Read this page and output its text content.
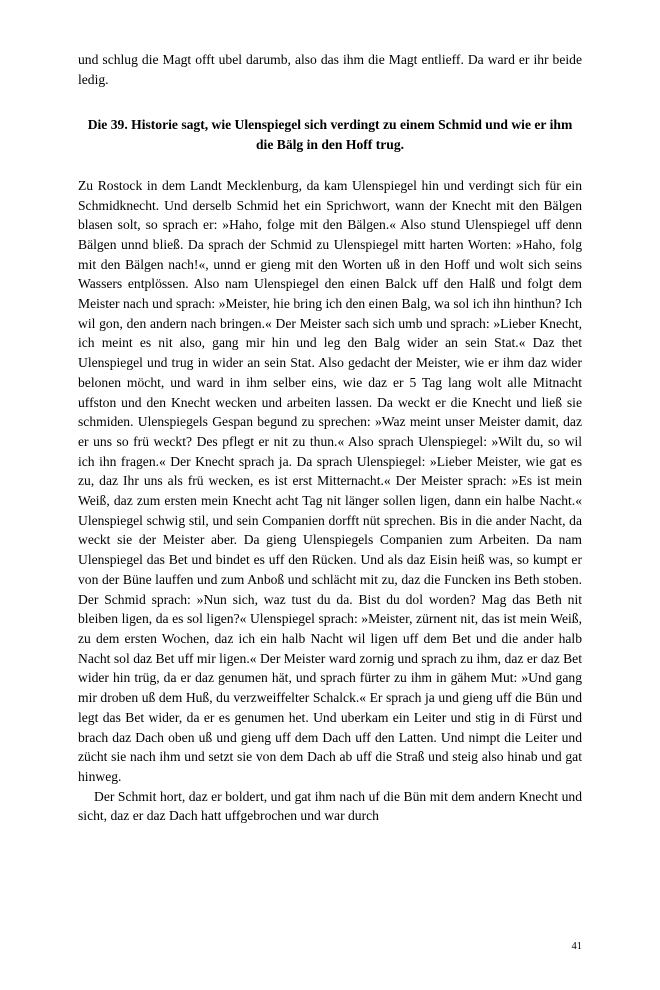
und schlug die Magt offt ubel darumb, also das ihm die Magt entlieff. Da ward er ihr beide ledig.

Die 39. Historie sagt, wie Ulenspiegel sich verdingt zu einem Schmid und wie er ihm die Bälg in den Hoff trug.

Zu Rostock in dem Landt Mecklenburg, da kam Ulenspiegel hin und verdingt sich für ein Schmidknecht. Und derselb Schmid het ein Sprichwort, wann der Knecht mit den Bälgen blasen solt, so sprach er: »Haho, folge mit den Bälgen.« Also stund Ulenspiegel uff denn Bälgen unnd bließ. Da sprach der Schmid zu Ulenspiegel mitt harten Worten: »Haho, folg mit den Bälgen nach!«, unnd er gieng mit den Worten uß in den Hoff und wolt sich seins Wassers entplössen. Also nam Ulenspiegel den einen Balck uff den Halß und folgt dem Meister nach und sprach: »Meister, hie bring ich den einen Balg, wa sol ich ihn hinthun? Ich wil gon, den andern nach bringen.« Der Meister sach sich umb und sprach: »Lieber Knecht, ich meint es nit also, gang mir hin und leg den Balg wider an sein Stat.« Daz thet Ulenspiegel und trug in wider an sein Stat. Also gedacht der Meister, wie er ihm daz wider belonen möcht, und ward in ihm selber eins, wie daz er 5 Tag lang wolt alle Mitnacht uffston und den Knecht wecken und arbeiten lassen. Da weckt er die Knecht und ließ sie schmiden. Ulenspiegels Gespan begund zu sprechen: »Waz meint unser Meister damit, daz er uns so frü weckt? Des pflegt er nit zu thun.« Also sprach Ulenspiegel: »Wilt du, so wil ich ihn fragen.« Der Knecht sprach ja. Da sprach Ulenspiegel: »Lieber Meister, wie gat es zu, daz Ihr uns als frü wecken, es ist erst Mitternacht.« Der Meister sprach: »Es ist mein Weiß, daz zum ersten mein Knecht acht Tag nit länger sollen ligen, dann ein halbe Nacht.« Ulenspiegel schwig stil, und sein Companien dorfft nüt sprechen. Bis in die ander Nacht, da weckt sie der Meister aber. Da gieng Ulenspiegels Companien zum Arbeiten. Da nam Ulenspiegel das Bet und bindet es uff den Rücken. Und als daz Eisin heiß was, so kumpt er von der Büne lauffen und zum Anboß und schlächt mit zu, daz die Funcken ins Beth stoben. Der Schmid sprach: »Nun sich, waz tust du da. Bist du dol worden? Mag das Beth nit bleiben ligen, da es sol ligen?« Ulenspiegel sprach: »Meister, zürnent nit, das ist mein Weiß, zu dem ersten Wochen, daz ich ein halb Nacht wil ligen uff dem Bet und die ander halb Nacht sol daz Bet uff mir ligen.« Der Meister ward zornig und sprach zu ihm, daz er daz Bet wider hin trüg, da er daz genumen hät, und sprach fürter zu ihm in gähem Mut: »Und gang mir droben uß dem Huß, du verzweiffelter Schalck.« Er sprach ja und gieng uff die Bün und legt das Bet wider, da er es genumen het. Und uberkam ein Leiter und stig in di Fürst und brach daz Dach oben uß und gieng uff dem Dach uff den Latten. Und nimpt die Leiter und zücht sie nach ihm und setzt sie von dem Dach ab uff die Straß und steig also hinab und gat hinweg.

Der Schmit hort, daz er boldert, und gat ihm nach uf die Bün mit dem andern Knecht und sicht, daz er daz Dach hatt uffgebrochen und war durch

41
